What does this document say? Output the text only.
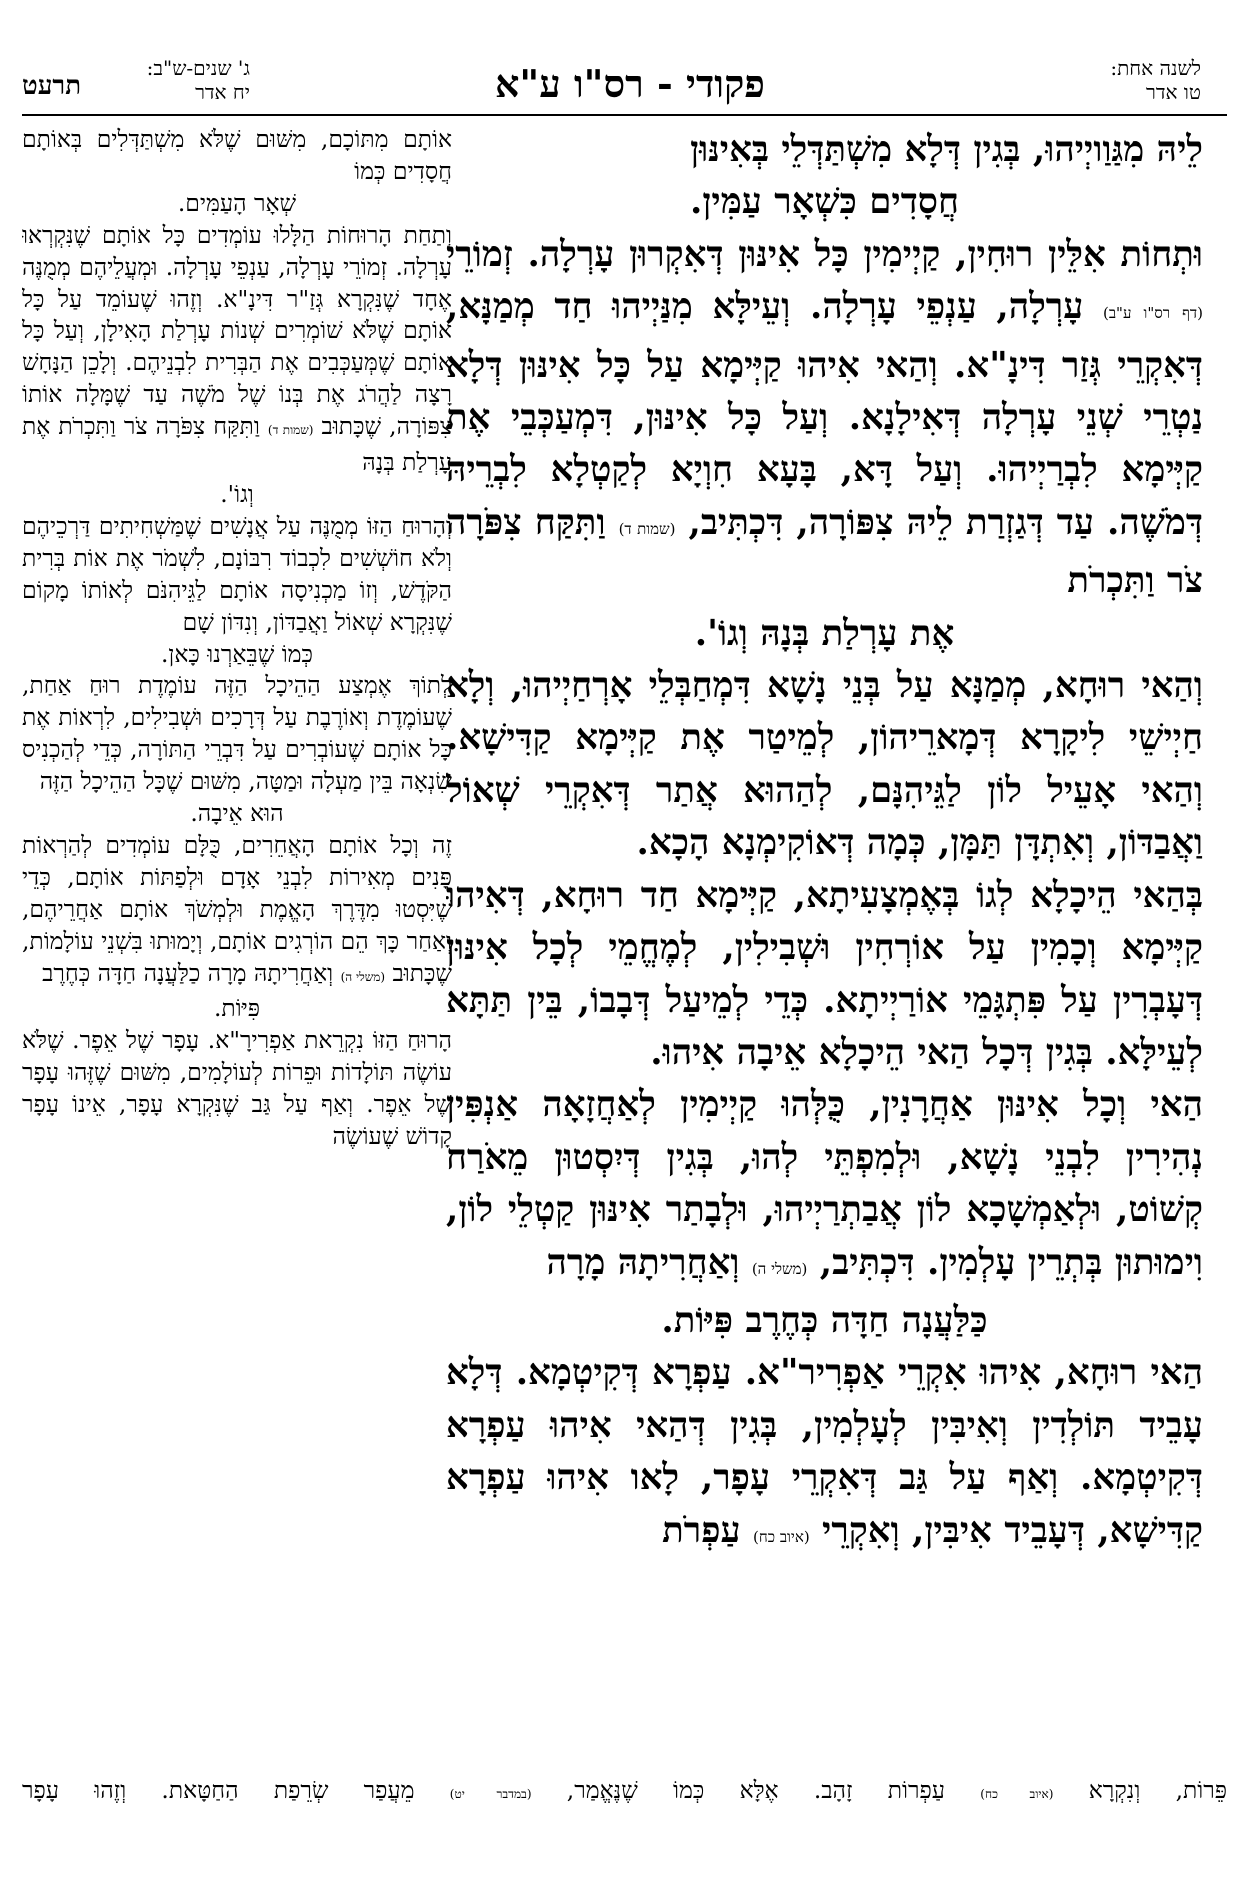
לשנה אחת:
טו אדר
פקודי - רס"ו ע"א
ג' שנים-ש"ב:
יח אדר
תרעט

לֵיהּ מִגַּוַויְיהוּ, בְּגִין דְּלָא מִשְׁתַּדְּלֵי בְּאִינּוּן

חֲסָדִים כִּשְׁאָר עַמִּין.

וּתְחוֹת אִלֵּין רוּחִין, קַיְימִין כָּל אִינּוּן דְּאִקְרוּן עָרְלָה. זְמוֹרֵי (דף רס"ו ע"ב) עָרְלָה, עַנְפֵי עָרְלָה. וְעֵילָּא מִנַּיְיהוּ חַד מְמַנָּא, דְּאִקְרֵי גְּזַר דִּינָ"א. וְהַאי אִיהוּ קַיְּימָא עַל כָּל אִינּוּן דְּלָא נַטְרֵי שְׁנֵי עָרְלָה דְּאִילָנָא. וְעַל כָּל אִינּוּן, דִּמְעַכְּבֵי אֶת קַיְּימָא לִבְרַיְיהוּ. וְעַל דָּא, בָּעָא חִוְיָא לְקַטְלָא לִבְרֵיהּ דְּמֹשֶׁה. עַד דְּגַזְרַת לֵיהּ צִפּוֹרָה, דִּכְתִּיב, (שמות ד) וַתִּקַּח צִפֹּרָה צֹר וַתִּכְרֹת

אֶת עָרְלַת בְּנָהּ וְגוֹ'.

וְהַאי רוּחָא, מְמַנָּא עַל בְּנֵי נָשָׁא דִּמְחַבְּלֵי אָרְחַיְיהוּ, וְלָא חַיְישֵׁי לִיקָרָא דְּמָארֵיהוֹן, לְמֵיטַר אֶת קַיְּימָא קַדִּישָׁא. וְהַאי אָעֵיל לוֹן לַגֵּיהִנָּם, לְהַהוּא אֲתַר דְּאִקְרֵי שְׁאוֹל וַאֲבַדּוֹן, וְאִתְדָּן תַּמָּן, כְּמָה דְּאוֹקִימְנָא הָכָא.

בְּהַאי הֵיכָלָא לְגוֹ בְּאֶמְצָעִיתָא, קַיְּימָא חַד רוּחָא, דְּאִיהוּ קַיְּימָא וְכָמִין עַל אוֹרְחִין וּשְׁבִילִין, לְמֶחֱמֵי לְכָל אִינּוּן דְּעָבְרִין עַל פִּתְגָּמֵי אוֹרַיְיתָא. כְּדֵי לְמֵיעַל דְּבָבוֹ, בֵּין תַּתָּא לְעֵילָּא. בְּגִין דְּכָל הַאי הֵיכָלָא אֵיבָה אִיהוּ.

הַאי וְכָל אִינּוּן אַחֲרָנִין, כֻּלְּהוּ קַיְימִין לְאַחֲזָאָה אַנְפִּין נְהִירִין לִבְנֵי נָשָׁא, וּלְמִפְתֵּי לְהוּ, בְּגִין דְּיִסְטוּן מֵאֹרַח קְשׁוֹט, וּלְאַמְשָׁכָא לוֹן אֲבַתְרַיְיהוּ, וּלְבָתַר אִינּוּן קַטְלֵי לוֹן, וִימוּתוּן בְּתְרֵין עָלְמִין. דִּכְתִּיב, (משלי ה) וְאַחֲרִיתָהּ מָרָה

כַּלַּעֲנָה חַדָּה כְּחֶרֶב פִּיּוֹת.

הַאי רוּחָא, אִיהוּ אִקְרֵי אַפְרִיר"א. עַפְרָא דְּקִיטְמָא. דְּלָא עָבֵיד תּוֹלְדִין וְאִיבִּין לְעָלְמִין, בְּגִין דְּהַאי אִיהוּ עַפְרָא דְּקִיטְמָא. וְאַף עַל גַּב דְּאִקְרֵי עָפָר, לָאו אִיהוּ עַפְרָא קַדִּישָׁא, דְּעָבֵיד אִיבִּין, וְאִקְרֵי (איוב כח) עַפְרֹת

אוֹתָם מִתּוֹכָם, מִשּׁוּם שֶׁלֹּא מִשְׁתַּדְּלִים בְּאוֹתָם חֲסָדִים כְּמוֹ

שְׁאָר הָעַמִּים.

וְתַחַת הָרוּחוֹת הַלָּלוּ עוֹמְדִים כָּל אוֹתָם שֶׁנִּקְרְאוּ עָרְלָה. זְמוֹרֵי עָרְלָה, עַנְפֵי עָרְלָה. וּמְעֲלֵיהֶם מְמֻנֶּה אֶחָד שֶׁנִּקְרָא גְּזַ"ר דִּינָ"א. וְזֶהוּ שֶׁעוֹמֵד עַל כָּל אוֹתָם שֶׁלֹּא שׁוֹמְרִים שְׁנוֹת עָרְלַת הָאִילָן, וְעַל כָּל אוֹתָם שֶׁמְּעַכְּבִים אֶת הַבְּרִית לִבְנֵיהֶם. וְלָכֵן הַנָּחָשׁ רָצָה לַהֲרֹג אֶת בְּנוֹ שֶׁל מֹשֶׁה עַד שֶׁמָּלָה אוֹתוֹ צִפּוֹרָה, שֶׁכָּתוּב (שמות ד) וַתִּקַּח צִפֹּרָה צֹר וַתִּכְרֹת אֶת עָרְלַת בְּנָהּ

וְגוֹ'.

וְהָרוּחַ הַזּוֹ מְמֻנֶּה עַל אֲנָשִׁים שֶׁמַּשְׁחִיתִים דַּרְכֵיהֶם וְלֹא חוֹשְׁשִׁים לִכְבוֹד רִבּוֹנָם, לִשְׁמֹר אֶת אוֹת בְּרִית הַקֹּדֶשׁ, וְזוֹ מַכְנִיסָה אוֹתָם לַגֵּיהִנֹּם לְאוֹתוֹ מָקוֹם שֶׁנִּקְרָא שְׁאוֹל וַאֲבַדּוֹן, וְנִדּוֹן שָׁם

כְּמוֹ שֶׁבֵּאַרְנוּ כָּאן.

לְתוֹךְ אֶמְצַע הַהֵיכָל הַזֶּה עוֹמֶדֶת רוּחַ אַחַת, שֶׁעוֹמֶדֶת וְאוֹרֶבֶת עַל דְּרָכִים וּשְׁבִילִים, לִרְאוֹת אֶת כָּל אוֹתָם שֶׁעוֹבְרִים עַל דִּבְרֵי הַתּוֹרָה, כְּדֵי לְהַכְנִיס שִׂנְאָה בֵּין מַעְלָה וּמַטָּה, מִשּׁוּם שֶׁכָּל הַהֵיכָל הַזֶּה

הוּא אֵיבָה.

זֶה וְכָל אוֹתָם הָאֲחֵרִים, כֻּלָּם עוֹמְדִים לְהַרְאוֹת פָּנִים מְאִירוֹת לִבְנֵי אָדָם וּלְפַתּוֹת אוֹתָם, כְּדֵי שֶׁיִּסְטוּ מִדֶּרֶךְ הָאֱמֶת וּלְמְשֹׁךְ אוֹתָם אַחֲרֵיהֶם, וְאַחַר כָּךְ הֵם הוֹרְגִים אוֹתָם, וְיָמוּתוּ בִּשְׁנֵי עוֹלָמוֹת, שֶׁכָּתוּב (משלי ה) וְאַחֲרִיתָהּ מָרָה כַלַּעֲנָה חַדָּה כְּחֶרֶב

פִּיּוֹת.

הָרוּחַ הַזּוֹ נִקְרֵאת אַפְרִירָ"א. עָפָר שֶׁל אֵפֶר. שֶׁלֹּא עוֹשֶׂה תּוֹלָדוֹת וּפֵרוֹת לְעוֹלָמִים, מִשּׁוּם שֶׁזֶּהוּ עָפָר שֶׁל אֵפֶר. וְאַף עַל גַּב שֶׁנִּקְרָא עָפָר, אֵינוֹ עָפָר קָדוֹשׁ שֶׁעוֹשֶׂה

פֵּרוֹת, וְנִקְרָא (איוב כח) עַפְרוֹת זָהָב. אֶלָּא כְּמוֹ שֶׁנֶּאֱמַר, (במדבר יט) מֵעֲפַר שְׂרֵפַת הַחַטָּאת. וְזֶהוּ עָפָר
